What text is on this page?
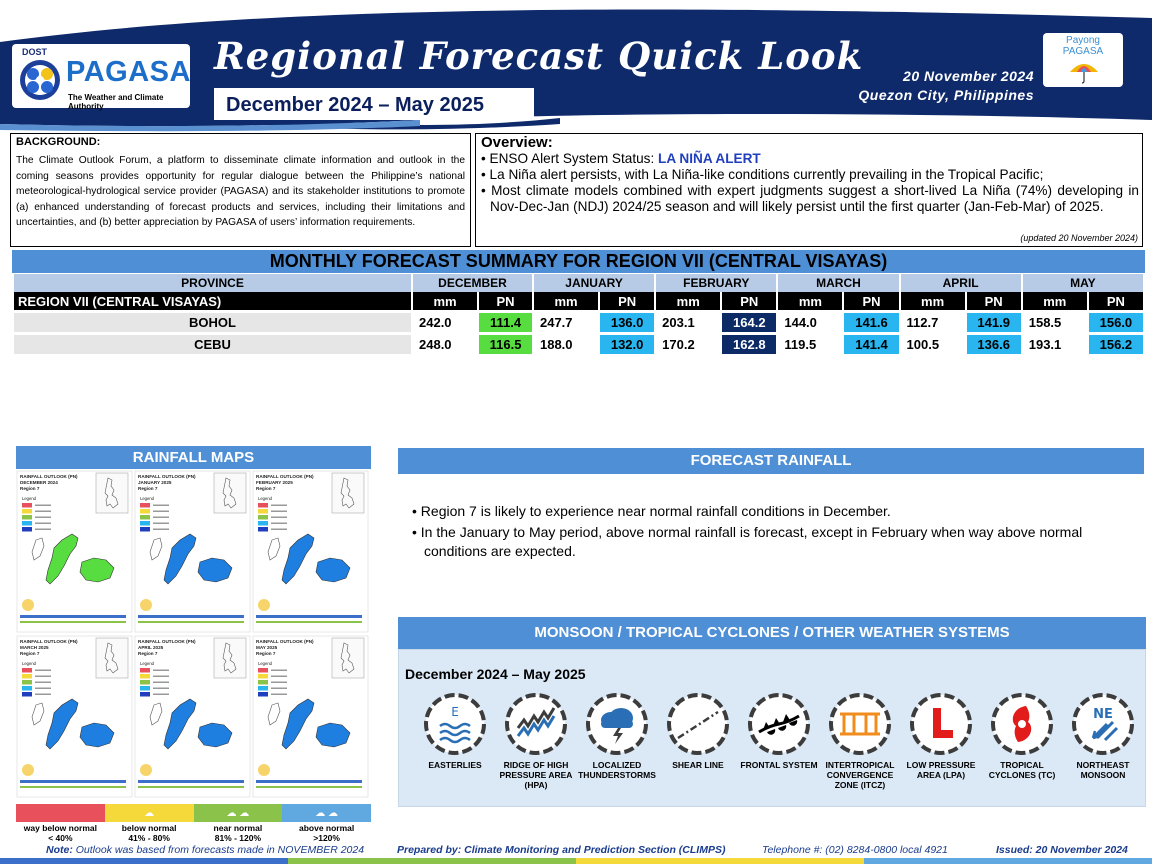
DOST
PAGASA
The Weather and Climate Authority
Regional Forecast Quick Look
December 2024 – May 2025
20 November 2024
Quezon City, Philippines
Payong
PAGASA
BACKGROUND:
The Climate Outlook Forum, a platform to disseminate climate information and outlook in the coming seasons provides opportunity for regular dialogue between the Philippine’s national meteorological-hydrological service provider (PAGASA) and its stakeholder institutions to promote (a) enhanced understanding of forecast products and services, including their limitations and uncertainties, and (b) better appreciation by PAGASA of users’ information requirements.
Overview:
• ENSO Alert System Status: LA NIÑA ALERT
• La Niña alert persists, with La Niña-like conditions currently prevailing in the Tropical Pacific;
• Most climate models combined with expert judgments suggest a short-lived La Niña (74%) developing in Nov-Dec-Jan (NDJ) 2024/25 season and will likely persist until the first quarter (Jan-Feb-Mar) of 2025.
(updated 20 November 2024)
MONTHLY FORECAST SUMMARY FOR REGION VII (CENTRAL VISAYAS)
PROVINCE	DECEMBER		JANUARY		FEBRUARY		MARCH		APRIL		MAY	
REGION VII (CENTRAL VISAYAS)	mm	PN	mm	PN	mm	PN	mm	PN	mm	PN	mm	PN

BOHOL	242.0	111.4	247.7	136.0	203.1	164.2	144.0	141.6	112.7	141.9	158.5	156.0

CEBU	248.0	116.5	188.0	132.0	170.2	162.8	119.5	141.4	100.5	136.6	193.1	156.2
RAINFALL MAPS
RAINFALL OUTLOOK (PN)
DECEMBER 2024
Region 7
Legend
RAINFALL OUTLOOK (PN)
JANUARY 2025
Region 7
Legend
RAINFALL OUTLOOK (PN)
FEBRUARY 2025
Region 7
Legend
RAINFALL OUTLOOK (PN)
MARCH 2025
Region 7
Legend
RAINFALL OUTLOOK (PN)
APRIL 2025
Region 7
Legend
RAINFALL OUTLOOK (PN)
MAY 2025
Region 7
Legend
☁	☁ ☁	☁ ☁
way below normal
< 40%
below normal
41% - 80%
near normal
81% - 120%
above normal
>120%
FORECAST RAINFALL
• Region 7 is likely to experience near normal rainfall conditions in December.
• In the January to May period, above normal rainfall is forecast, except in February when way above normal conditions are expected.
MONSOON / TROPICAL CYCLONES / OTHER WEATHER SYSTEMS
December 2024 – May 2025
E
EASTERLIES	RIDGE OF HIGH PRESSURE AREA (HPA)
LOCALIZED THUNDERSTORMS
SHEAR LINE	FRONTAL SYSTEM INTERTROPICAL CONVERGENCE ZONE (ITCZ)
LOW PRESSURE AREA (LPA)
TROPICAL CYCLONES (TC)
NE
NORTHEAST MONSOON
Note: Outlook was based from forecasts made in NOVEMBER 2024	Prepared by: Climate Monitoring and Prediction Section (CLIMPS)	Telephone #: (02) 8284-0800 local 4921	Issued: 20 November 2024
